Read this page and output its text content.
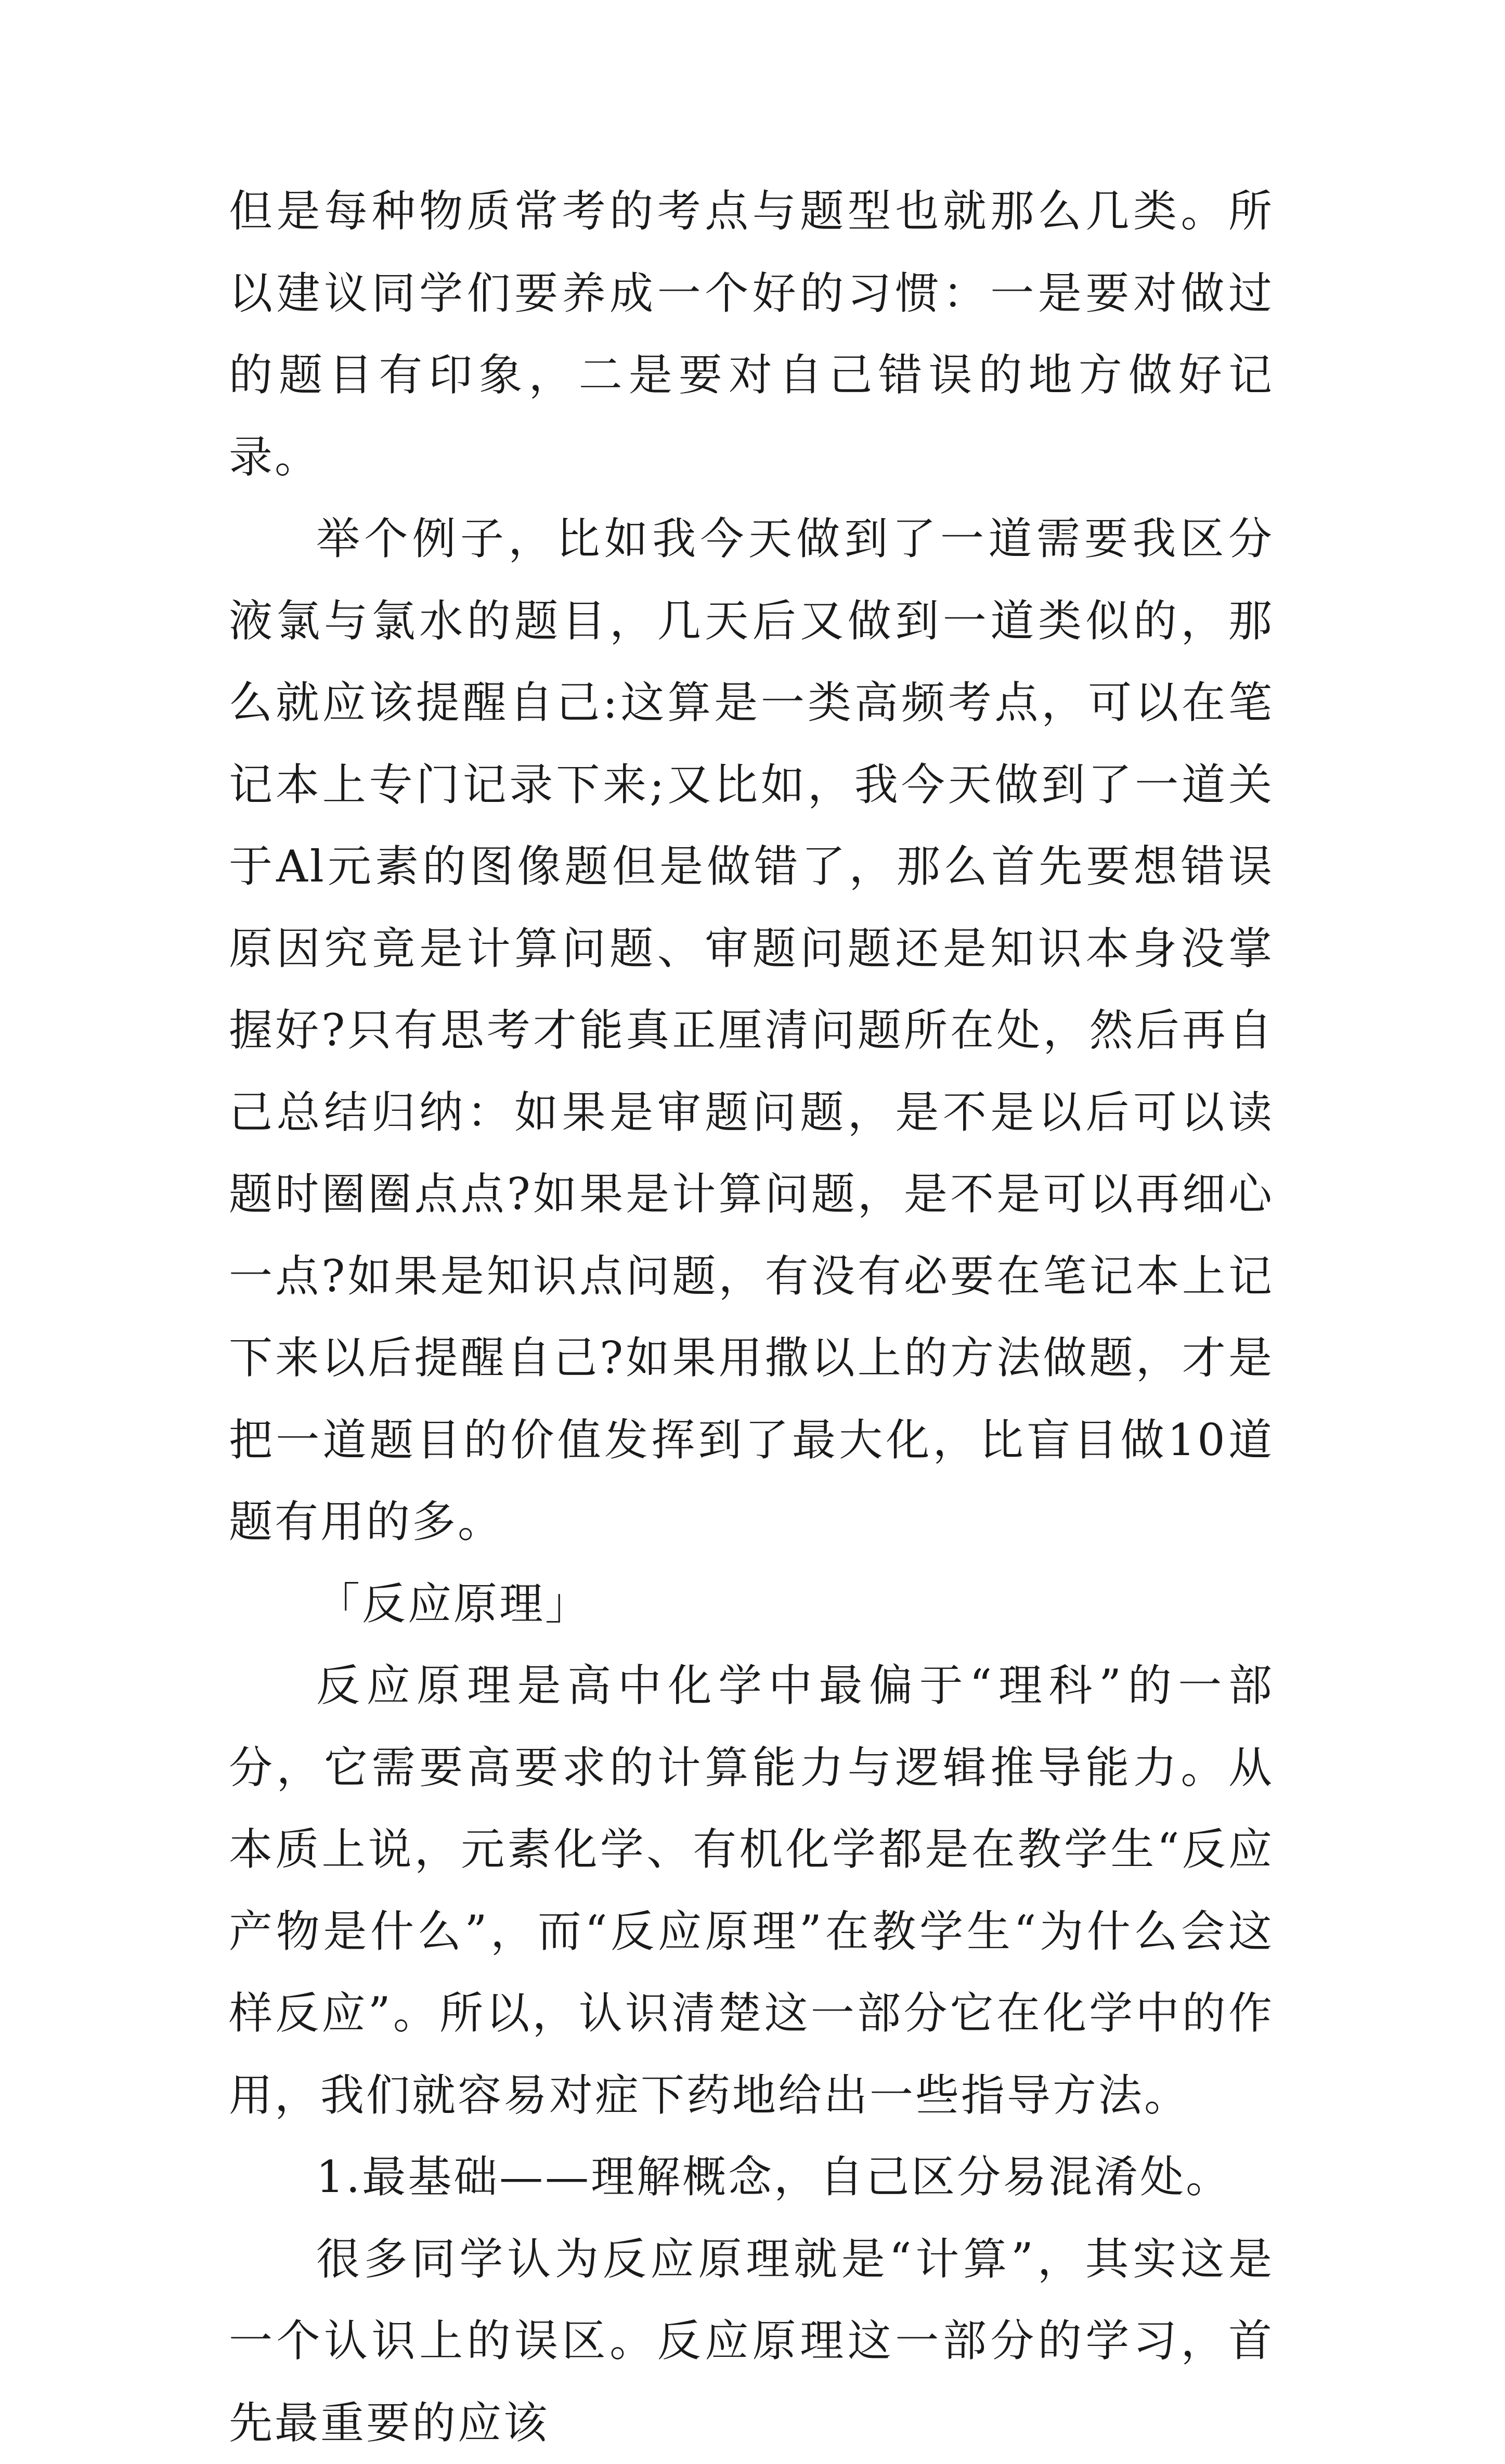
但是每种物质常考的考点与题型也就那么几类。所以建议同学们要养成一个好的习惯：一是要对做过的题目有印象，二是要对自己错误的地方做好记录。

举个例子，比如我今天做到了一道需要我区分液氯与氯水的题目，几天后又做到一道类似的，那么就应该提醒自己:这算是一类高频考点，可以在笔记本上专门记录下来;又比如，我今天做到了一道关于Al元素的图像题但是做错了，那么首先要想错误原因究竟是计算问题、审题问题还是知识本身没掌握好?只有思考才能真正厘清问题所在处，然后再自己总结归纳：如果是审题问题，是不是以后可以读题时圈圈点点?如果是计算问题，是不是可以再细心一点?如果是知识点问题，有没有必要在笔记本上记下来以后提醒自己?如果用撒以上的方法做题，才是把一道题目的价值发挥到了最大化，比盲目做10道题有用的多。

「反应原理」

反应原理是高中化学中最偏于“理科”的一部分，它需要高要求的计算能力与逻辑推导能力。从本质上说，元素化学、有机化学都是在教学生“反应产物是什么”，而“反应原理”在教学生“为什么会这样反应”。所以，认识清楚这一部分它在化学中的作用，我们就容易对症下药地给出一些指导方法。

1.最基础——理解概念，自己区分易混淆处。

很多同学认为反应原理就是“计算”，其实这是一个认识上的误区。反应原理这一部分的学习，首先最重要的应该
